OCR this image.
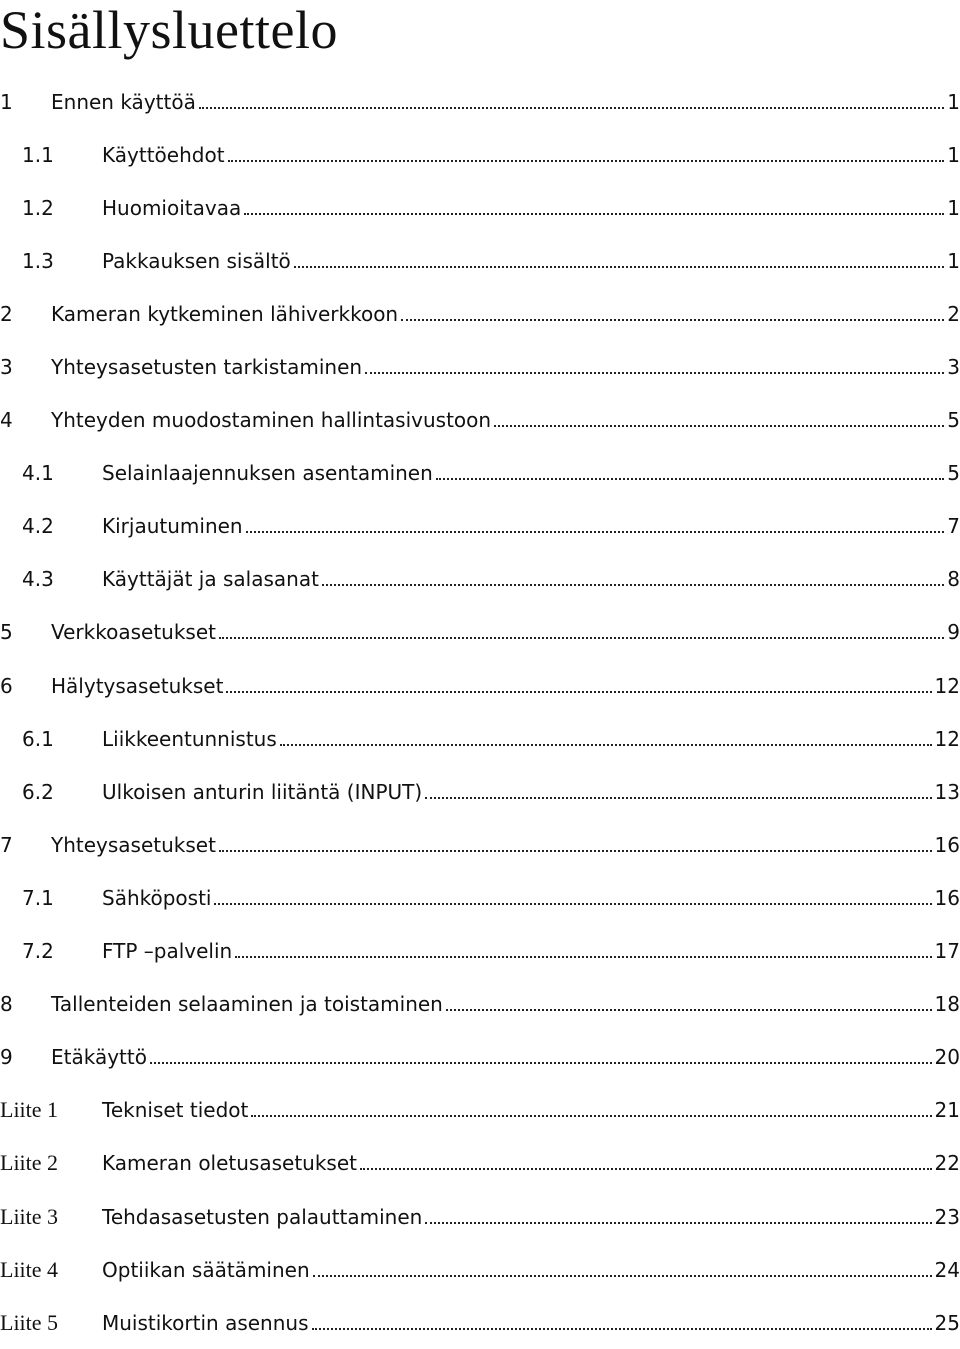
Sisällysluettelo
1 Ennen käyttöä	1
1.1 Käyttöehdot	1
1.2 Huomioitavaa	1
1.3 Pakkauksen sisältö	1
2 Kameran kytkeminen lähiverkkoon	2
3 Yhteysasetusten tarkistaminen	3
4 Yhteyden muodostaminen hallintasivustoon	5
4.1 Selainlaajennuksen asentaminen	5
4.2 Kirjautuminen	7
4.3 Käyttäjät ja salasanat	8
5 Verkkoasetukset	9
6 Hälytysasetukset	12
6.1 Liikkeentunnistus	12
6.2 Ulkoisen anturin liitäntä (INPUT)	13
7 Yhteysasetukset	16
7.1 Sähköposti	16
7.2 FTP –palvelin	17
8 Tallenteiden selaaminen ja toistaminen	18
9 Etäkäyttö	20
Liite 1 Tekniset tiedot	21
Liite 2 Kameran oletusasetukset	22
Liite 3 Tehdasasetusten palauttaminen	23
Liite 4 Optiikan säätäminen	24
Liite 5 Muistikortin asennus	25
